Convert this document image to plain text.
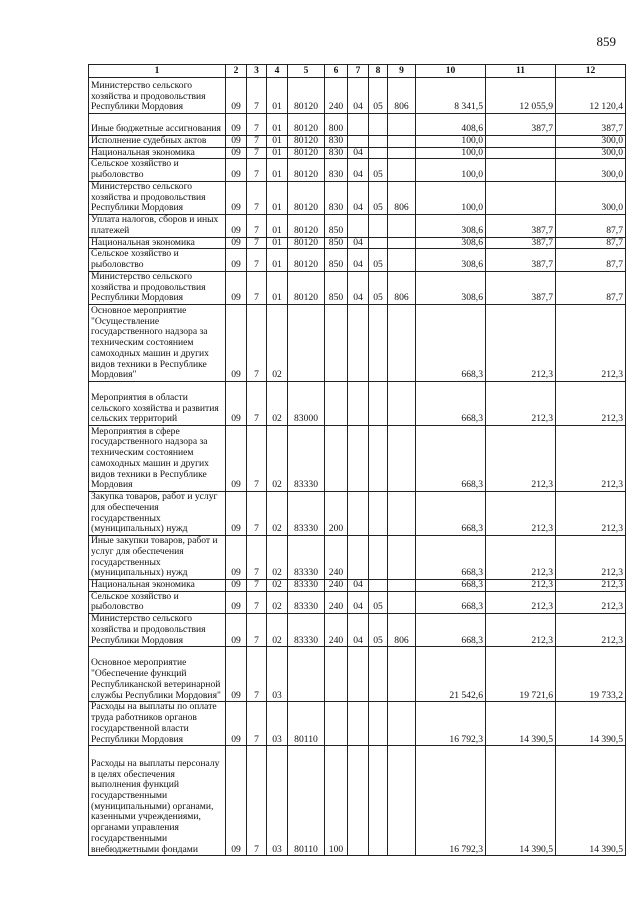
859
1	2	3	4	5	6	7	8	9	10	11	12
Министерство сельского хозяйства и продовольствия Республики Мордовия	09	7	01	80120	240	04	05	806	8 341,5	12 055,9	12 120,4
Иные бюджетные ассигнования	09	7	01	80120	800				408,6	387,7	387,7
Исполнение судебных актов	09	7	01	80120	830				100,0		300,0
Национальная экономика	09	7	01	80120	830	04			100,0		300,0
Сельское хозяйство и рыболовство	09	7	01	80120	830	04	05		100,0		300,0
Министерство сельского хозяйства и продовольствия Республики Мордовия	09	7	01	80120	830	04	05	806	100,0		300,0
Уплата налогов, сборов и иных платежей	09	7	01	80120	850				308,6	387,7	87,7
Национальная экономика	09	7	01	80120	850	04			308,6	387,7	87,7
Сельское хозяйство и рыболовство	09	7	01	80120	850	04	05		308,6	387,7	87,7
Министерство сельского хозяйства и продовольствия Республики Мордовия	09	7	01	80120	850	04	05	806	308,6	387,7	87,7
Основное мероприятие "Осуществление государственного надзора за техническим состоянием самоходных машин и других видов техники в Республике Мордовия"	09	7	02						668,3	212,3	212,3
Мероприятия в области сельского хозяйства и развития сельских территорий	09	7	02	83000					668,3	212,3	212,3
Мероприятия в сфере государственного надзора за техническим состоянием самоходных машин и других видов техники в Республике Мордовия	09	7	02	83330					668,3	212,3	212,3
Закупка товаров, работ и услуг для обеспечения государственных (муниципальных) нужд	09	7	02	83330	200				668,3	212,3	212,3
Иные закупки товаров, работ и услуг для обеспечения государственных (муниципальных) нужд	09	7	02	83330	240				668,3	212,3	212,3
Национальная экономика	09	7	02	83330	240	04			668,3	212,3	212,3
Сельское хозяйство и рыболовство	09	7	02	83330	240	04	05		668,3	212,3	212,3
Министерство сельского хозяйства и продовольствия Республики Мордовия	09	7	02	83330	240	04	05	806	668,3	212,3	212,3
Основное мероприятие "Обеспечение функций Республиканской ветеринарной службы Республики Мордовия"	09	7	03						21 542,6	19 721,6	19 733,2
Расходы на выплаты по оплате труда работников органов государственной власти Республики Мордовия	09	7	03	80110					16 792,3	14 390,5	14 390,5
Расходы на выплаты персоналу в целях обеспечения выполнения функций государственными (муниципальными) органами, казенными учреждениями, органами управления государственными внебюджетными фондами	09	7	03	80110	100				16 792,3	14 390,5	14 390,5
